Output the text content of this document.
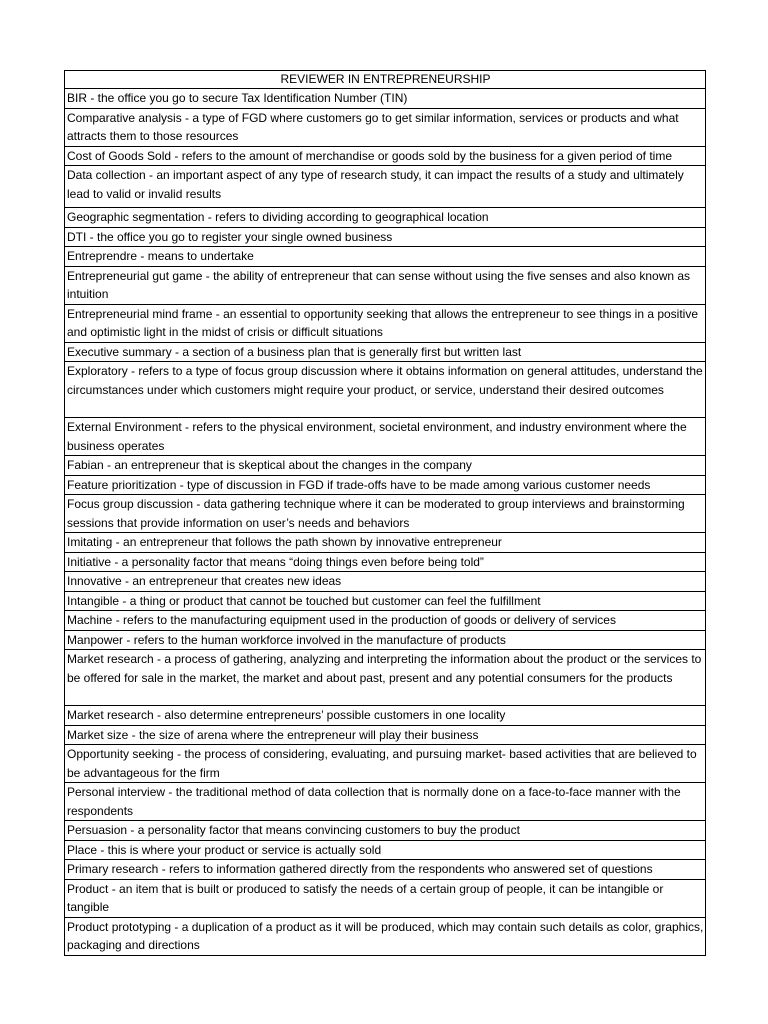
REVIEWER IN ENTREPRENEURSHIP
BIR - the office you go to secure Tax Identification Number (TIN)
Comparative analysis - a type of FGD where customers go to get similar information, services or products and what attracts them to those resources
Cost of Goods Sold - refers to the amount of merchandise or goods sold by the business for a given period of time
Data collection - an important aspect of any type of research study, it can impact the results of a study and ultimately lead to valid or invalid results
Geographic segmentation - refers to dividing according to geographical location
DTI - the office you go to register your single owned business
Entreprendre - means to undertake
Entrepreneurial gut game - the ability of entrepreneur that can sense without using the five senses and also known as intuition
Entrepreneurial mind frame - an essential to opportunity seeking that allows the entrepreneur to see things in a positive and optimistic light in the midst of crisis or difficult situations
Executive summary - a section of a business plan that is generally first but written last
Exploratory - refers to a type of focus group discussion where it obtains information on general attitudes, understand the circumstances under which customers might require your product, or service, understand their desired outcomes
External Environment - refers to the physical environment, societal environment, and industry environment where the business operates
Fabian - an entrepreneur that is skeptical about the changes in the company
Feature prioritization - type of discussion in FGD if trade-offs have to be made among various customer needs
Focus group discussion - data gathering technique where it can be moderated to group interviews and brainstorming sessions that provide information on user’s needs and behaviors
Imitating - an entrepreneur that follows the path shown by innovative entrepreneur
Initiative - a personality factor that means “doing things even before being told”
Innovative - an entrepreneur that creates new ideas
Intangible - a thing or product that cannot be touched but customer can feel the fulfillment
Machine - refers to the manufacturing equipment used in the production of goods or delivery of services
Manpower - refers to the human workforce involved in the manufacture of products
Market research - a process of gathering, analyzing and interpreting the information about the product or the services to be offered for sale in the market, the market and about past, present and any potential consumers for the products
Market research - also determine entrepreneurs’ possible customers in one locality
Market size - the size of arena where the entrepreneur will play their business
Opportunity seeking - the process of considering, evaluating, and pursuing market- based activities that are believed to be advantageous for the firm
Personal interview - the traditional method of data collection that is normally done on a face-to-face manner with the respondents
Persuasion - a personality factor that means convincing customers to buy the product
Place - this is where your product or service is actually sold
Primary research - refers to information gathered directly from the respondents who answered set of questions
Product - an item that is built or produced to satisfy the needs of a certain group of people, it can be intangible or tangible
Product prototyping - a duplication of a product as it will be produced, which may contain such details as color, graphics, packaging and directions
